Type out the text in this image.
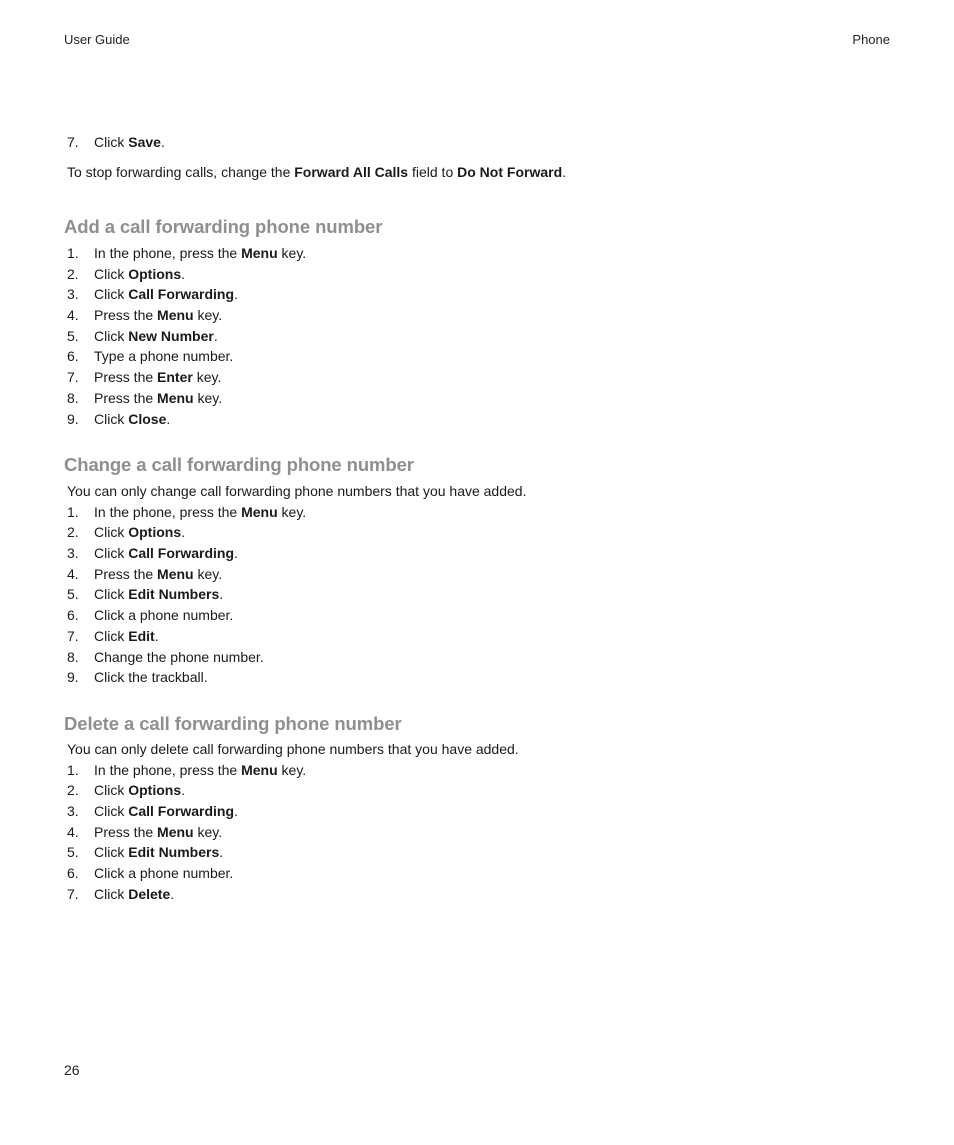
User Guide	Phone
7. Click Save.
To stop forwarding calls, change the Forward All Calls field to Do Not Forward.
Add a call forwarding phone number
1. In the phone, press the Menu key.
2. Click Options.
3. Click Call Forwarding.
4. Press the Menu key.
5. Click New Number.
6. Type a phone number.
7. Press the Enter key.
8. Press the Menu key.
9. Click Close.
Change a call forwarding phone number
You can only change call forwarding phone numbers that you have added.
1. In the phone, press the Menu key.
2. Click Options.
3. Click Call Forwarding.
4. Press the Menu key.
5. Click Edit Numbers.
6. Click a phone number.
7. Click Edit.
8. Change the phone number.
9. Click the trackball.
Delete a call forwarding phone number
You can only delete call forwarding phone numbers that you have added.
1. In the phone, press the Menu key.
2. Click Options.
3. Click Call Forwarding.
4. Press the Menu key.
5. Click Edit Numbers.
6. Click a phone number.
7. Click Delete.
26
